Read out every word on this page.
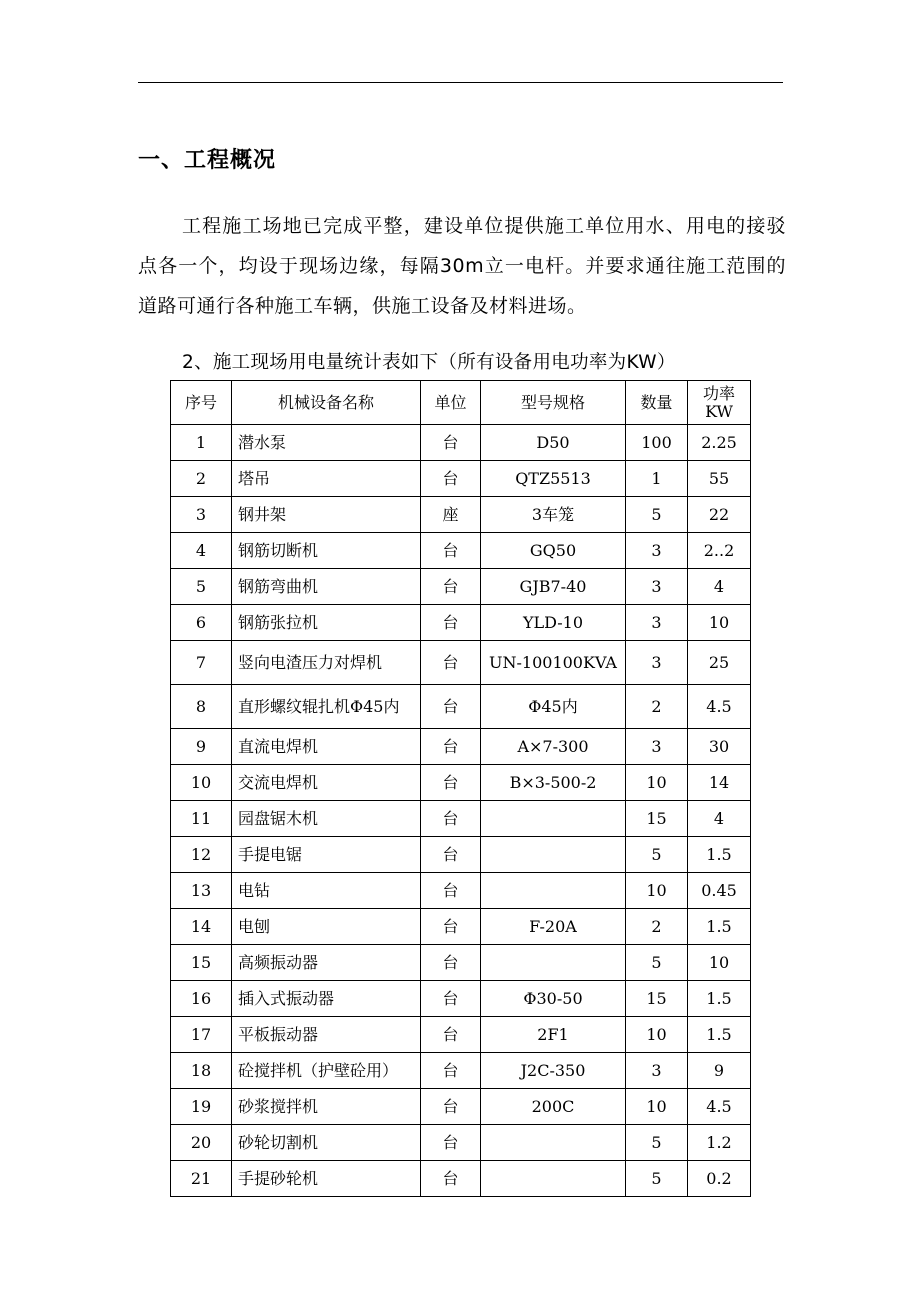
一、工程概况

工程施工场地已完成平整，建设单位提供施工单位用水、用电的接驳点各一个，均设于现场边缘，每隔30m立一电杆。并要求通往施工范围的道路可通行各种施工车辆，供施工设备及材料进场。

2、施工现场用电量统计表如下（所有设备用电功率为KW）
序号	机械设备名称	单位	型号规格	数量	功率KW
1	潜水泵	台	D50	100	2.25
2	塔吊	台	QTZ5513	1	55
3	钢井架	座	3车笼	5	22
4	钢筋切断机	台	GQ50	3	2..2
5	钢筋弯曲机	台	GJB7-40	3	4
6	钢筋张拉机	台	YLD-10	3	10
7	竖向电渣压力对焊机	台	UN-100100KVA	3	25
8	直形螺纹辊扎机Φ45内	台	Φ45内	2	4.5
9	直流电焊机	台	A×7-300	3	30
10	交流电焊机	台	B×3-500-2	10	14
11	园盘锯木机	台		15	4
12	手提电锯	台		5	1.5
13	电钻	台		10	0.45
14	电刨	台	F-20A	2	1.5
15	高频振动器	台		5	10
16	插入式振动器	台	Φ30-50	15	1.5
17	平板振动器	台	2F1	10	1.5
18	砼搅拌机（护壁砼用）	台	J2C-350	3	9
19	砂浆搅拌机	台	200C	10	4.5
20	砂轮切割机	台		5	1.2
21	手提砂轮机	台		5	0.2
